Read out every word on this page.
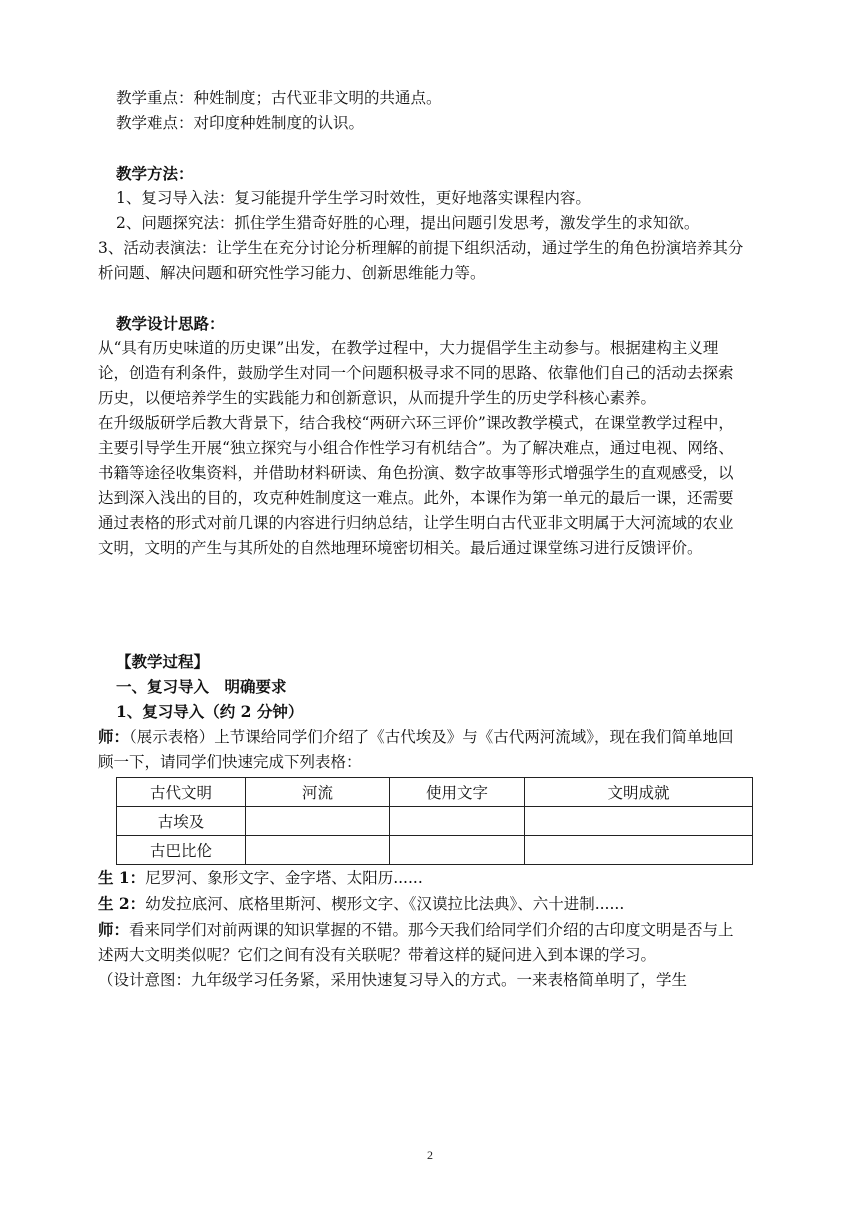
教学重点：种姓制度；古代亚非文明的共通点。

教学难点：对印度种姓制度的认识。

教学方法：

1、复习导入法：复习能提升学生学习时效性，更好地落实课程内容。

2、问题探究法：抓住学生猎奇好胜的心理，提出问题引发思考，激发学生的求知欲。

3、活动表演法：让学生在充分讨论分析理解的前提下组织活动，通过学生的角色扮演培养其分析问题、解决问题和研究性学习能力、创新思维能力等。

教学设计思路：

从“具有历史味道的历史课”出发，在教学过程中，大力提倡学生主动参与。根据建构主义理论，创造有利条件，鼓励学生对同一个问题积极寻求不同的思路、依靠他们自己的活动去探索历史，以便培养学生的实践能力和创新意识，从而提升学生的历史学科核心素养。

在升级版研学后教大背景下，结合我校“两研六环三评价”课改教学模式，在课堂教学过程中，主要引导学生开展“独立探究与小组合作性学习有机结合”。为了解决难点，通过电视、网络、书籍等途径收集资料，并借助材料研读、角色扮演、数字故事等形式增强学生的直观感受，以达到深入浅出的目的，攻克种姓制度这一难点。此外，本课作为第一单元的最后一课，还需要通过表格的形式对前几课的内容进行归纳总结，让学生明白古代亚非文明属于大河流域的农业文明，文明的产生与其所处的自然地理环境密切相关。最后通过课堂练习进行反馈评价。

【教学过程】

一、复习导入　明确要求

1、复习导入（约 2 分钟）

师：（展示表格）上节课给同学们介绍了《古代埃及》与《古代两河流域》，现在我们简单地回顾一下，请同学们快速完成下列表格：

古代文明	河流	使用文字	文明成就
古埃及			
古巴比伦			

生 1：尼罗河、象形文字、金字塔、太阳历......

生 2：幼发拉底河、底格里斯河、楔形文字、《汉谟拉比法典》、六十进制......

师：看来同学们对前两课的知识掌握的不错。那今天我们给同学们介绍的古印度文明是否与上述两大文明类似呢？它们之间有没有关联呢？带着这样的疑问进入到本课的学习。

（设计意图：九年级学习任务紧，采用快速复习导入的方式。一来表格简单明了，学生

2
